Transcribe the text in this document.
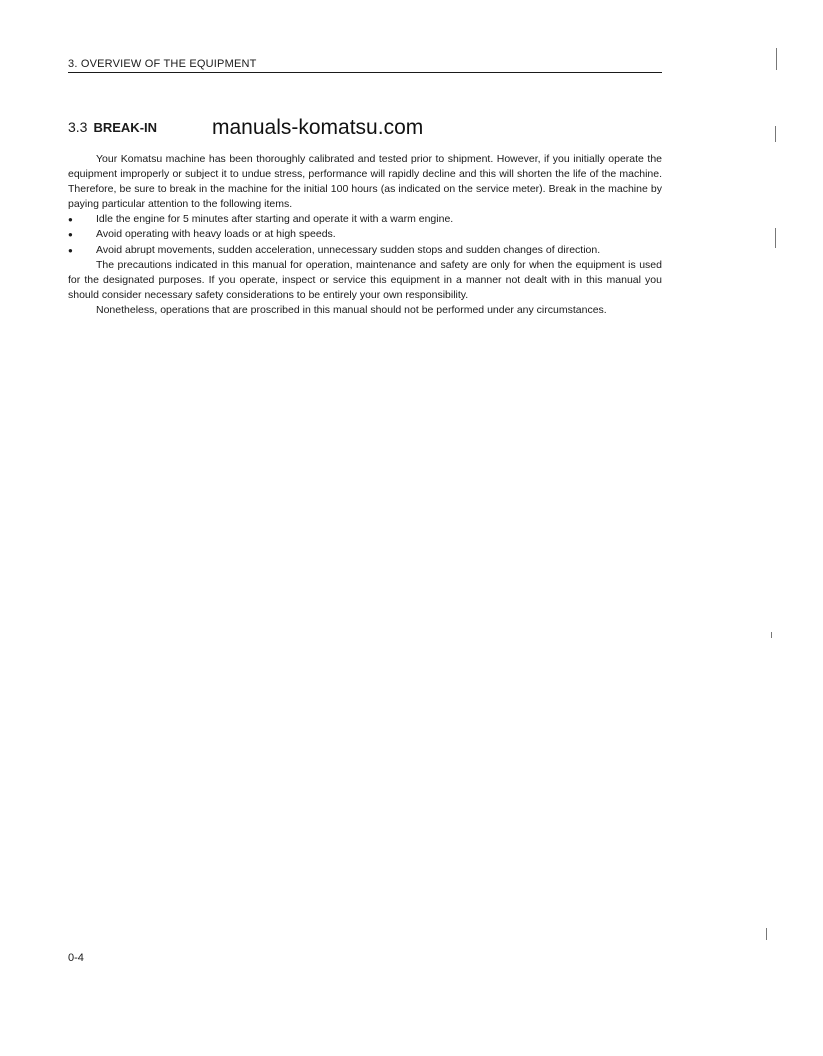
3. OVERVIEW OF THE EQUIPMENT
3.3 BREAK-IN	manuals-komatsu.com

Your Komatsu machine has been thoroughly calibrated and tested prior to shipment. However, if you initially operate the equipment improperly or subject it to undue stress, performance will rapidly decline and this will shorten the life of the machine. Therefore, be sure to break in the machine for the initial 100 hours (as indicated on the service meter). Break in the machine by paying particular attention to the following items.

● Idle the engine for 5 minutes after starting and operate it with a warm engine.
● Avoid operating with heavy loads or at high speeds.
● Avoid abrupt movements, sudden acceleration, unnecessary sudden stops and sudden changes of direction.

The precautions indicated in this manual for operation, maintenance and safety are only for when the equipment is used for the designated purposes. If you operate, inspect or service this equipment in a manner not dealt with in this manual you should consider necessary safety considerations to be entirely your own responsibility.

Nonetheless, operations that are proscribed in this manual should not be performed under any circumstances.

0-4
